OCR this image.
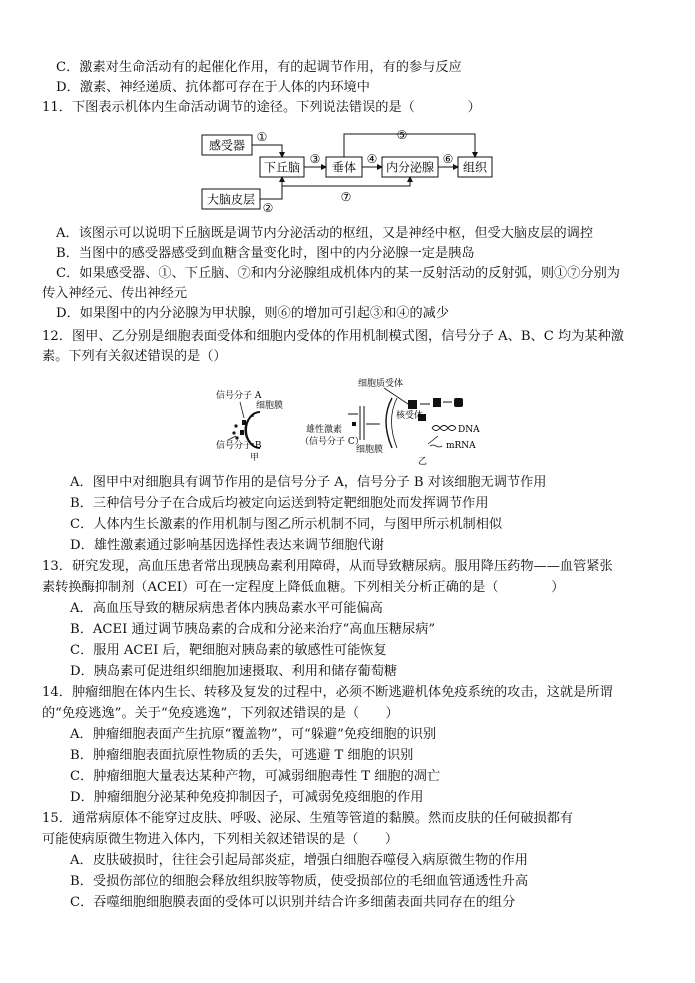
C．激素对生命活动有的起催化作用，有的起调节作用，有的参与反应
D．激素、神经递质、抗体都可存在于人体的内环境中
11．下图表示机体内生命活动调节的途径。下列说法错误的是（　　　　）
感受器
大脑皮层
下丘脑	垂体 内分泌腺 组织
①
②
③	④
⑤
⑥
⑦
A．该图示可以说明下丘脑既是调节内分泌活动的枢纽，又是神经中枢，但受大脑皮层的调控
B．当图中的感受器感受到血糖含量变化时，图中的内分泌腺一定是胰岛
C．如果感受器、①、下丘脑、⑦和内分泌腺组成机体内的某一反射活动的反射弧，则①⑦分别为
传入神经元、传出神经元
D．如果图中的内分泌腺为甲状腺，则⑥的增加可引起③和④的减少
12．图甲、乙分别是细胞表面受体和细胞内受体的作用机制模式图，信号分子 A、B、C 均为某种激
素。下列有关叙述错误的是（）
信号分子 A
细胞膜
信号分子 B
甲
细胞质受体
核受体
DNA
mRNA
雄性激素
（信号分子 C）
细胞膜
乙
A．图甲中对细胞具有调节作用的是信号分子 A，信号分子 B 对该细胞无调节作用
B．三种信号分子在合成后均被定向运送到特定靶细胞处而发挥调节作用
C．人体内生长激素的作用机制与图乙所示机制不同，与图甲所示机制相似
D．雄性激素通过影响基因选择性表达来调节细胞代谢
13．研究发现，高血压患者常出现胰岛素利用障碍，从而导致糖尿病。服用降压药物——血管紧张
素转换酶抑制剂（ACEI）可在一定程度上降低血糖。下列相关分析正确的是（　　　　）
A．高血压导致的糖尿病患者体内胰岛素水平可能偏高
B．ACEI 通过调节胰岛素的合成和分泌来治疗“高血压糖尿病”
C．服用 ACEI 后，靶细胞对胰岛素的敏感性可能恢复
D．胰岛素可促进组织细胞加速摄取、利用和储存葡萄糖
14．肿瘤细胞在体内生长、转移及复发的过程中，必须不断逃避机体免疫系统的攻击，这就是所谓
的“免疫逃逸”。关于“免疫逃逸”，下列叙述错误的是（　　）
A．肿瘤细胞表面产生抗原“覆盖物”，可“躲避”免疫细胞的识别
B．肿瘤细胞表面抗原性物质的丢失，可逃避 T 细胞的识别
C．肿瘤细胞大量表达某种产物，可减弱细胞毒性 T 细胞的凋亡
D．肿瘤细胞分泌某种免疫抑制因子，可减弱免疫细胞的作用
15．通常病原体不能穿过皮肤、呼吸、泌尿、生殖等管道的黏膜。然而皮肤的任何破损都有
可能使病原微生物进入体内，下列相关叙述错误的是（　　）
A．皮肤破损时，往往会引起局部炎症，增强白细胞吞噬侵入病原微生物的作用
B．受损伤部位的细胞会释放组织胺等物质，使受损部位的毛细血管通透性升高
C．吞噬细胞细胞膜表面的受体可以识别并结合许多细菌表面共同存在的组分
